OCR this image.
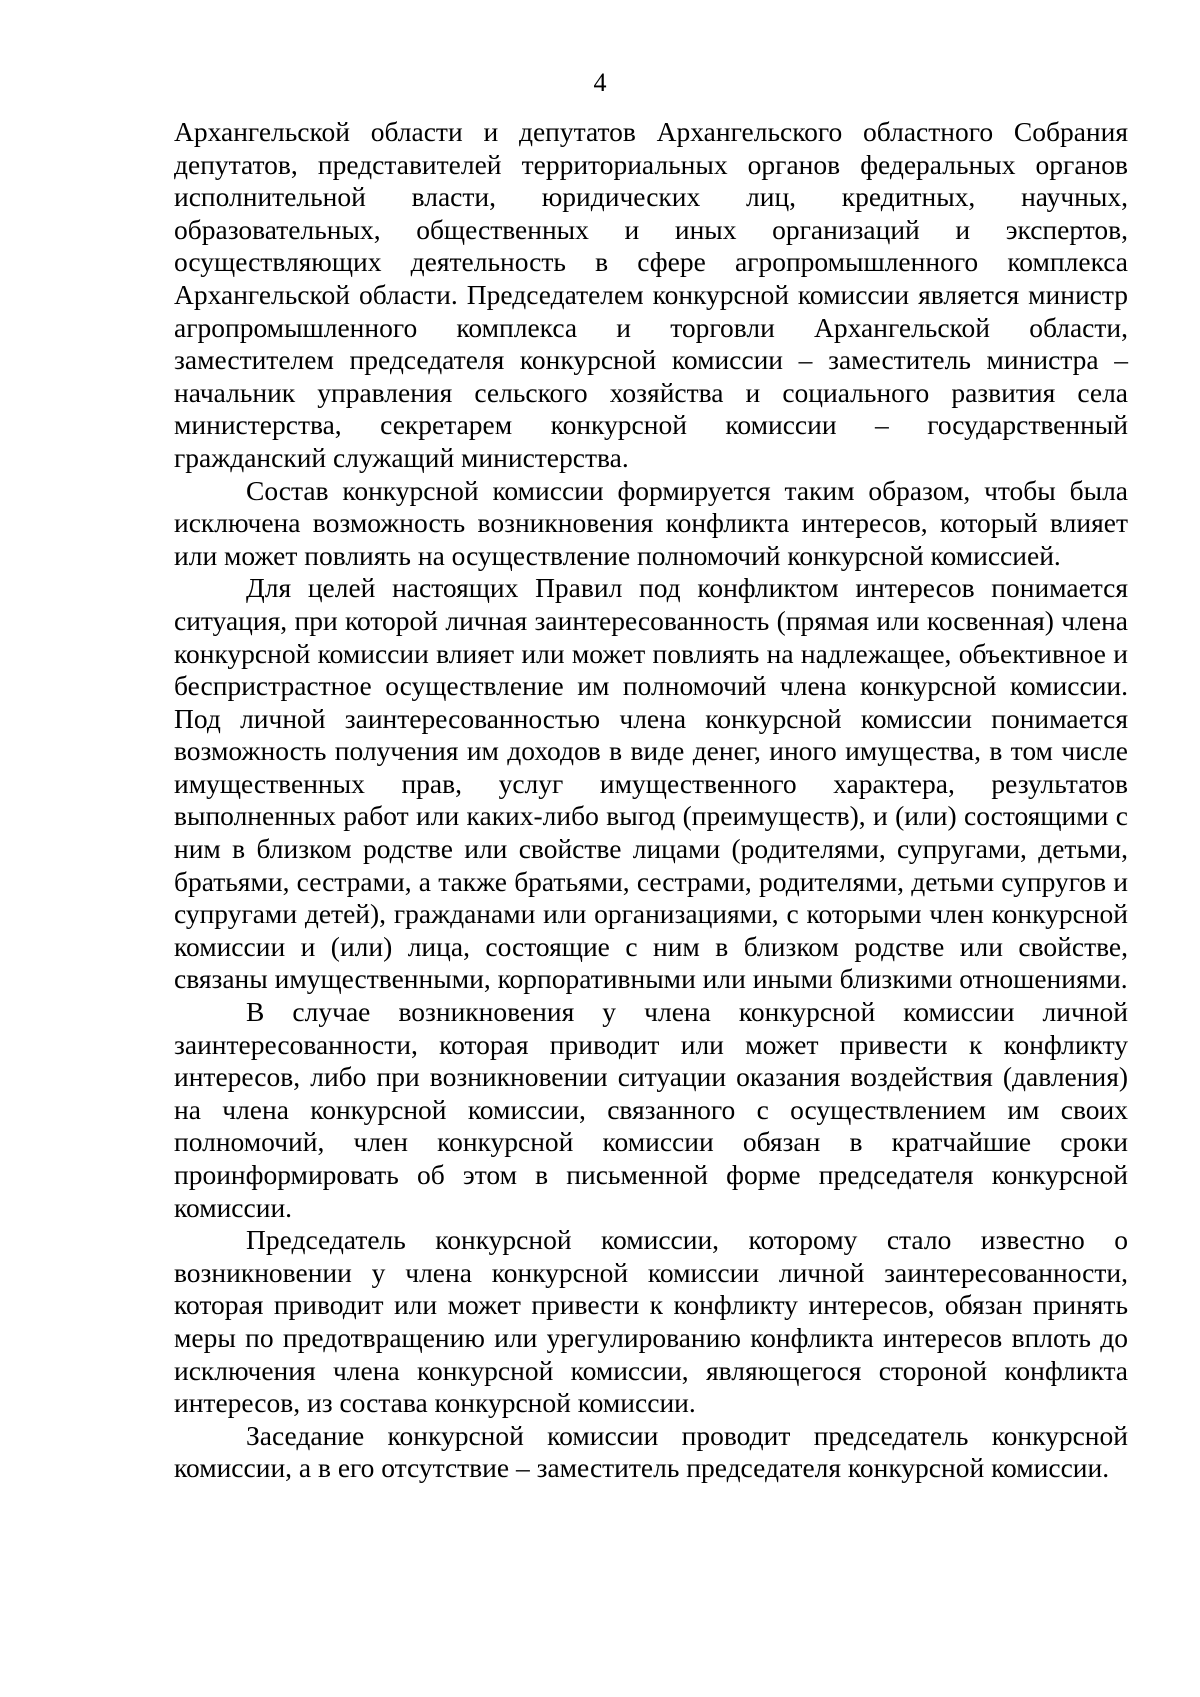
4

Архангельской области и депутатов Архангельского областного Собрания депутатов, представителей территориальных органов федеральных органов исполнительной власти, юридических лиц, кредитных, научных, образовательных, общественных и иных организаций и экспертов, осуществляющих деятельность в сфере агропромышленного комплекса Архангельской области. Председателем конкурсной комиссии является министр агропромышленного комплекса и торговли Архангельской области, заместителем председателя конкурсной комиссии – заместитель министра – начальник управления сельского хозяйства и социального развития села министерства, секретарем конкурсной комиссии – государственный гражданский служащий министерства.

Состав конкурсной комиссии формируется таким образом, чтобы была исключена возможность возникновения конфликта интересов, который влияет или может повлиять на осуществление полномочий конкурсной комиссией.

Для целей настоящих Правил под конфликтом интересов понимается ситуация, при которой личная заинтересованность (прямая или косвенная) члена конкурсной комиссии влияет или может повлиять на надлежащее, объективное и беспристрастное осуществление им полномочий члена конкурсной комиссии. Под личной заинтересованностью члена конкурсной комиссии понимается возможность получения им доходов в виде денег, иного имущества, в том числе имущественных прав, услуг имущественного характера, результатов выполненных работ или каких-либо выгод (преимуществ), и (или) состоящими с ним в близком родстве или свойстве лицами (родителями, супругами, детьми, братьями, сестрами, а также братьями, сестрами, родителями, детьми супругов и супругами детей), гражданами или организациями, с которыми член конкурсной комиссии и (или) лица, состоящие с ним в близком родстве или свойстве, связаны имущественными, корпоративными или иными близкими отношениями.

В случае возникновения у члена конкурсной комиссии личной заинтересованности, которая приводит или может привести к конфликту интересов, либо при возникновении ситуации оказания воздействия (давления) на члена конкурсной комиссии, связанного с осуществлением им своих полномочий, член конкурсной комиссии обязан в кратчайшие сроки проинформировать об этом в письменной форме председателя конкурсной комиссии.

Председатель конкурсной комиссии, которому стало известно о возникновении у члена конкурсной комиссии личной заинтересованности, которая приводит или может привести к конфликту интересов, обязан принять меры по предотвращению или урегулированию конфликта интересов вплоть до исключения члена конкурсной комиссии, являющегося стороной конфликта интересов, из состава конкурсной комиссии.

Заседание конкурсной комиссии проводит председатель конкурсной комиссии, а в его отсутствие – заместитель председателя конкурсной комиссии.
